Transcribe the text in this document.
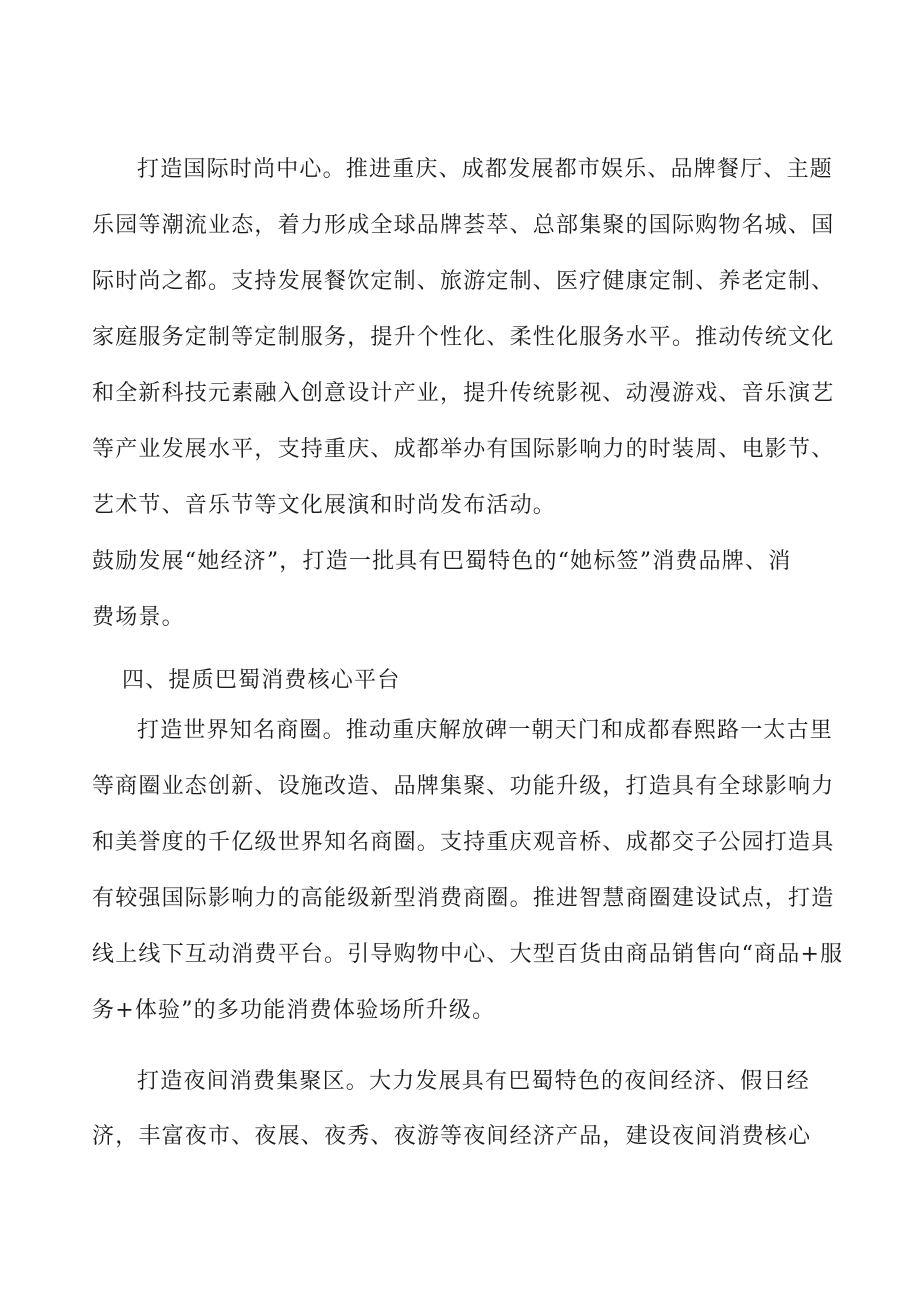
打造国际时尚中心。推进重庆、成都发展都市娱乐、品牌餐厅、主题
乐园等潮流业态，着力形成全球品牌荟萃、总部集聚的国际购物名城、国
际时尚之都。支持发展餐饮定制、旅游定制、医疗健康定制、养老定制、
家庭服务定制等定制服务，提升个性化、柔性化服务水平。推动传统文化
和全新科技元素融入创意设计产业，提升传统影视、动漫游戏、音乐演艺
等产业发展水平，支持重庆、成都举办有国际影响力的时装周、电影节、
艺术节、音乐节等文化展演和时尚发布活动。
鼓励发展“她经济”，打造一批具有巴蜀特色的“她标签”消费品牌、消
费场景。
四、提质巴蜀消费核心平台
打造世界知名商圈。推动重庆解放碑一朝天门和成都春熙路一太古里
等商圈业态创新、设施改造、品牌集聚、功能升级，打造具有全球影响力
和美誉度的千亿级世界知名商圈。支持重庆观音桥、成都交子公园打造具
有较强国际影响力的高能级新型消费商圈。推进智慧商圈建设试点，打造
线上线下互动消费平台。引导购物中心、大型百货由商品销售向“商品+服
务+体验”的多功能消费体验场所升级。
打造夜间消费集聚区。大力发展具有巴蜀特色的夜间经济、假日经
济，丰富夜市、夜展、夜秀、夜游等夜间经济产品，建设夜间消费核心
